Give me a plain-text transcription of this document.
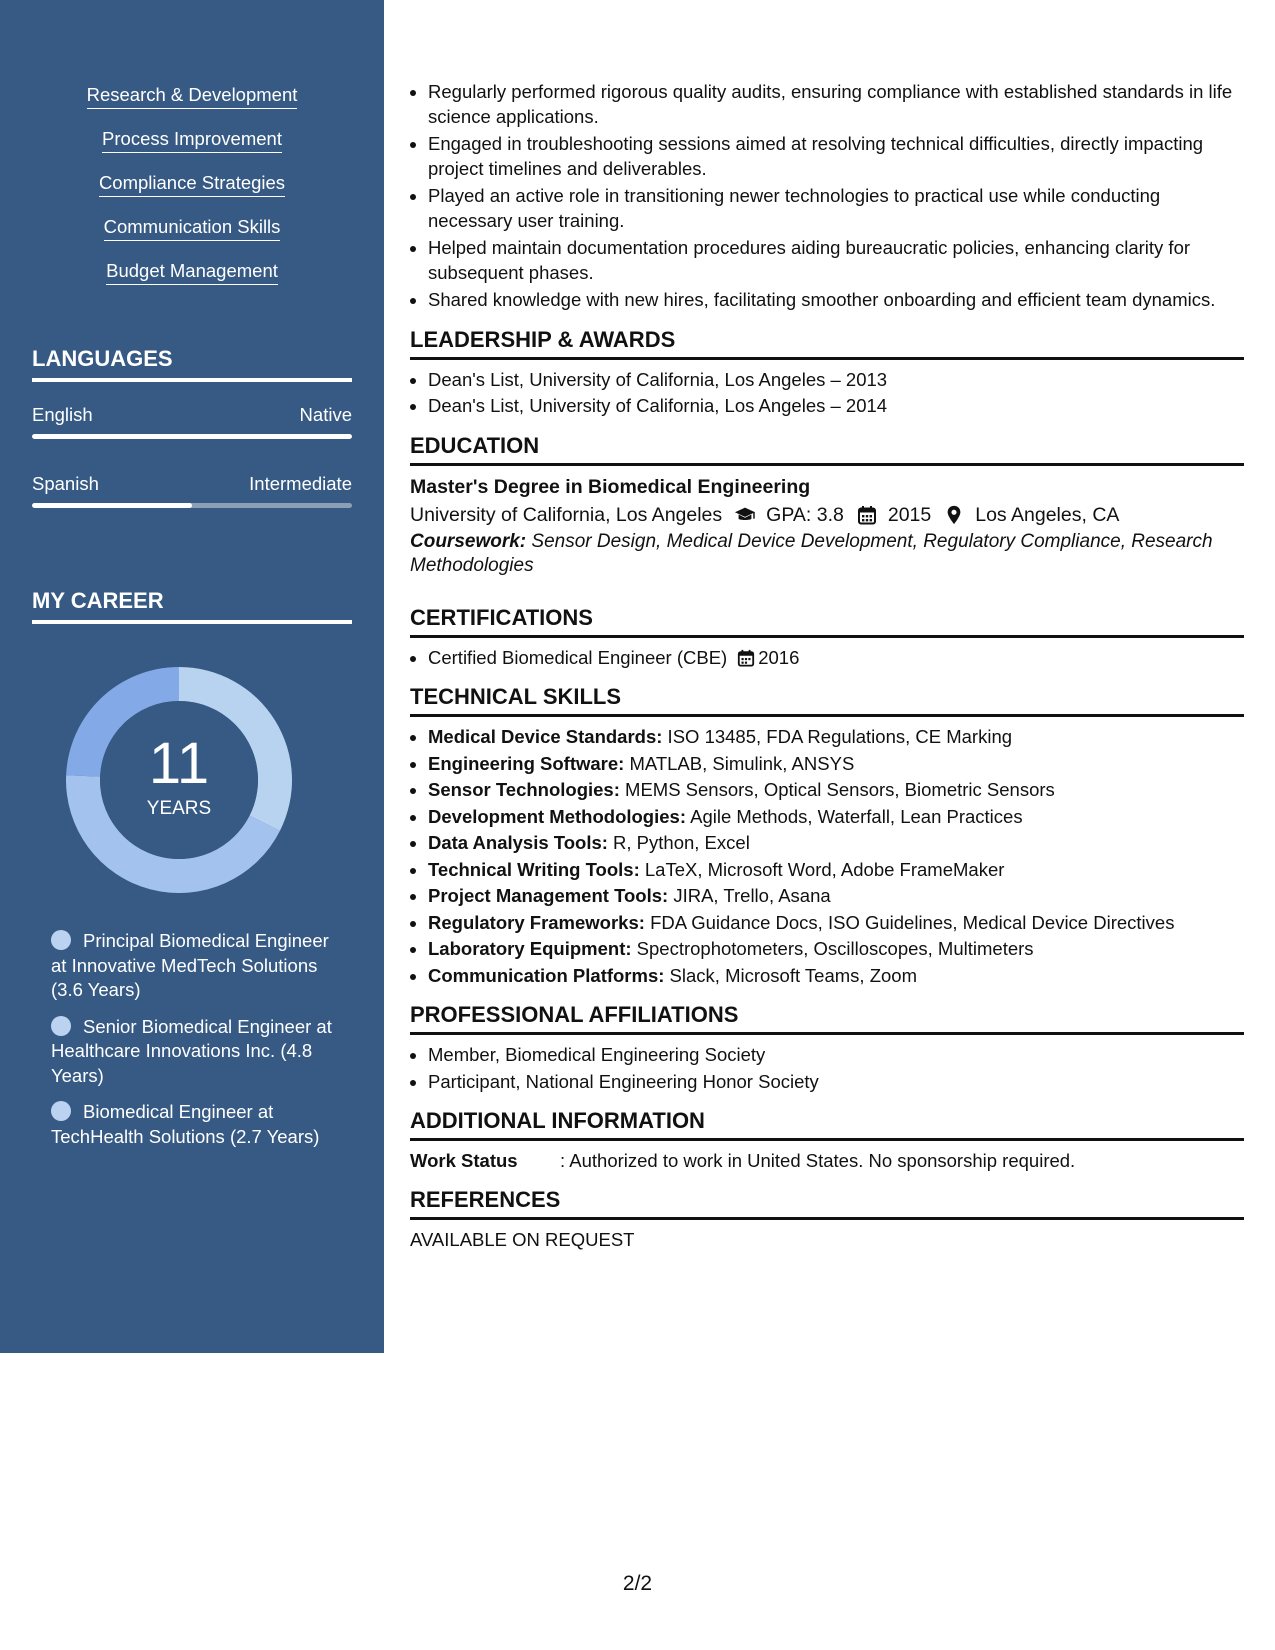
Research & Development
Process Improvement
Compliance Strategies
Communication Skills
Budget Management
LANGUAGES
English	Native
Spanish	Intermediate
MY CAREER
11
YEARS
Principal Biomedical Engineer at Innovative MedTech Solutions (3.6 Years)
Senior Biomedical Engineer at Healthcare Innovations Inc. (4.8 Years)
Biomedical Engineer at TechHealth Solutions (2.7 Years)
• Regularly performed rigorous quality audits, ensuring compliance with established standards in life science applications.
• Engaged in troubleshooting sessions aimed at resolving technical difficulties, directly impacting project timelines and deliverables.
• Played an active role in transitioning newer technologies to practical use while conducting necessary user training.
• Helped maintain documentation procedures aiding bureaucratic policies, enhancing clarity for subsequent phases.
• Shared knowledge with new hires, facilitating smoother onboarding and efficient team dynamics.
LEADERSHIP & AWARDS
• Dean's List, University of California, Los Angeles – 2013
• Dean's List, University of California, Los Angeles – 2014
EDUCATION
Master's Degree in Biomedical Engineering
University of California, Los Angeles GPA: 3.8 2015 Los Angeles, CA
Coursework: Sensor Design, Medical Device Development, Regulatory Compliance, Research Methodologies
CERTIFICATIONS
• Certified Biomedical Engineer (CBE) 2016
TECHNICAL SKILLS
• Medical Device Standards: ISO 13485, FDA Regulations, CE Marking
• Engineering Software: MATLAB, Simulink, ANSYS
• Sensor Technologies: MEMS Sensors, Optical Sensors, Biometric Sensors
• Development Methodologies: Agile Methods, Waterfall, Lean Practices
• Data Analysis Tools: R, Python, Excel
• Technical Writing Tools: LaTeX, Microsoft Word, Adobe FrameMaker
• Project Management Tools: JIRA, Trello, Asana
• Regulatory Frameworks: FDA Guidance Docs, ISO Guidelines, Medical Device Directives
• Laboratory Equipment: Spectrophotometers, Oscilloscopes, Multimeters
• Communication Platforms: Slack, Microsoft Teams, Zoom
PROFESSIONAL AFFILIATIONS
• Member, Biomedical Engineering Society
• Participant, National Engineering Honor Society
ADDITIONAL INFORMATION
Work Status	: Authorized to work in United States. No sponsorship required.
REFERENCES
AVAILABLE ON REQUEST
2/2
